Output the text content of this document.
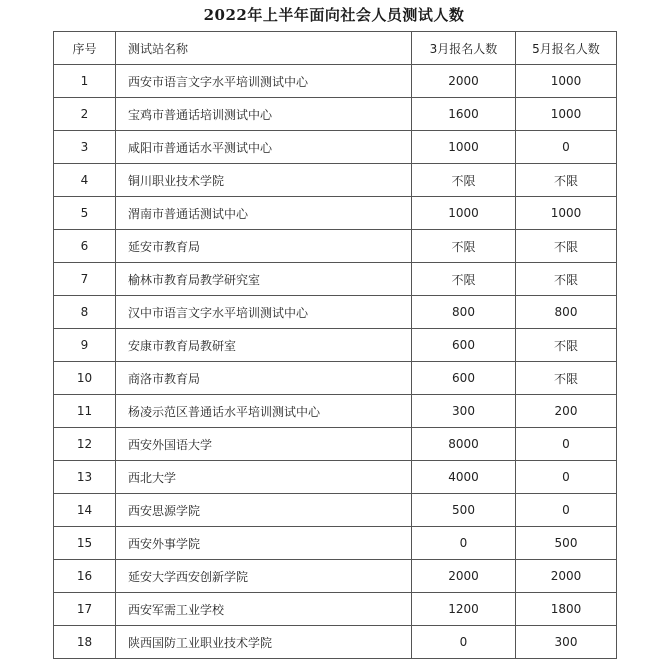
2022年上半年面向社会人员测试人数
序号	测试站名称	3月报名人数	5月报名人数
1	西安市语言文字水平培训测试中心	2000	1000
2	宝鸡市普通话培训测试中心	1600	1000
3	咸阳市普通话水平测试中心	1000	0
4	铜川职业技术学院	不限	不限
5	渭南市普通话测试中心	1000	1000
6	延安市教育局	不限	不限
7	榆林市教育局教学研究室	不限	不限
8	汉中市语言文字水平培训测试中心	800	800
9	安康市教育局教研室	600	不限
10	商洛市教育局	600	不限
11	杨凌示范区普通话水平培训测试中心	300	200
12	西安外国语大学	8000	0
13	西北大学	4000	0
14	西安思源学院	500	0
15	西安外事学院	0	500
16	延安大学西安创新学院	2000	2000
17	西安军需工业学校	1200	1800
18	陕西国防工业职业技术学院	0	300
